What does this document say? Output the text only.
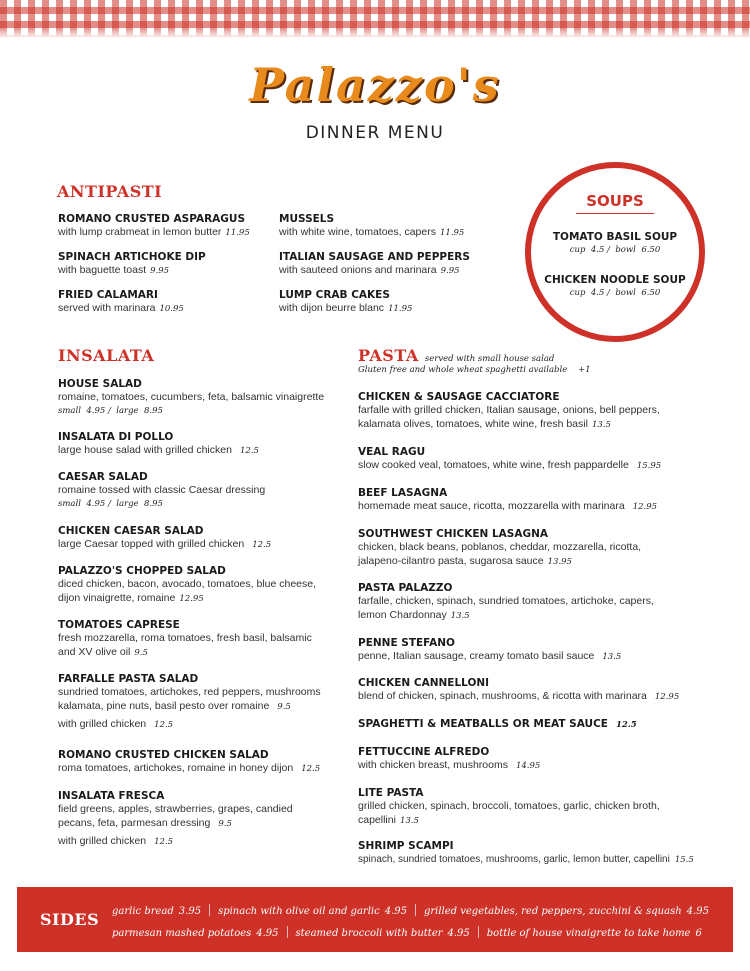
Palazzo's
DINNER MENU
ANTIPASTI
ROMANO CRUSTED ASPARAGUS
with lump crabmeat in lemon butter 11.95
SPINACH ARTICHOKE DIP
with baguette toast 9.95
FRIED CALAMARI
served with marinara 10.95
MUSSELS
with white wine, tomatoes, capers 11.95
ITALIAN SAUSAGE AND PEPPERS
with sauteed onions and marinara 9.95
LUMP CRAB CAKES
with dijon beurre blanc 11.95
SOUPS
TOMATO BASIL SOUP
cup 4.5 /  bowl 6.50
CHICKEN NOODLE SOUP
cup 4.5 /  bowl 6.50
INSALATA
HOUSE SALAD
romaine, tomatoes, cucumbers, feta, balsamic vinaigrette
small 4.95 /  large 8.95
INSALATA DI POLLO
large house salad with grilled chicken 12.5
CAESAR SALAD
romaine tossed with classic Caesar dressing
small 4.95 /  large 8.95
CHICKEN CAESAR SALAD
large Caesar topped with grilled chicken 12.5
PALAZZO'S CHOPPED SALAD
diced chicken, bacon, avocado, tomatoes, blue cheese,
dijon vinaigrette, romaine 12.95
TOMATOES CAPRESE
fresh mozzarella, roma tomatoes, fresh basil, balsamic
and XV olive oil 9.5
FARFALLE PASTA SALAD
sundried tomatoes, artichokes, red peppers, mushrooms
kalamata, pine nuts, basil pesto over romaine 9.5
with grilled chicken 12.5
ROMANO CRUSTED CHICKEN SALAD
roma tomatoes, artichokes, romaine in honey dijon 12.5
INSALATA FRESCA
field greens, apples, strawberries, grapes, candied
pecans, feta, parmesan dressing 9.5
with grilled chicken 12.5
PASTA served with small house salad
Gluten free and whole wheat spaghetti available +1
CHICKEN & SAUSAGE CACCIATORE
farfalle with grilled chicken, Italian sausage, onions, bell peppers,
kalamata olives, tomatoes, white wine, fresh basil 13.5
VEAL RAGU
slow cooked veal, tomatoes, white wine, fresh pappardelle 15.95
BEEF LASAGNA
homemade meat sauce, ricotta, mozzarella with marinara 12.95
SOUTHWEST CHICKEN LASAGNA
chicken, black beans, poblanos, cheddar, mozzarella, ricotta,
jalapeno-cilantro pasta, sugarosa sauce 13.95
PASTA PALAZZO
farfalle, chicken, spinach, sundried tomatoes, artichoke, capers,
lemon Chardonnay 13.5
PENNE STEFANO
penne, Italian sausage, creamy tomato basil sauce 13.5
CHICKEN CANNELLONI
blend of chicken, spinach, mushrooms, & ricotta with marinara 12.95
SPAGHETTI & MEATBALLS OR MEAT SAUCE 12.5
FETTUCCINE ALFREDO
with chicken breast, mushrooms 14.95
LITE PASTA
grilled chicken, spinach, broccoli, tomatoes, garlic, chicken broth,
capellini 13.5
SHRIMP SCAMPI
spinach, sundried tomatoes, mushrooms, garlic, lemon butter, capellini 15.5
SIDES garlic bread 3.95 spinach with olive oil and garlic 4.95 grilled vegetables, red peppers, zucchini & squash 4.95
parmesan mashed potatoes 4.95 steamed broccoli with butter 4.95 bottle of house vinaigrette to take home 6
